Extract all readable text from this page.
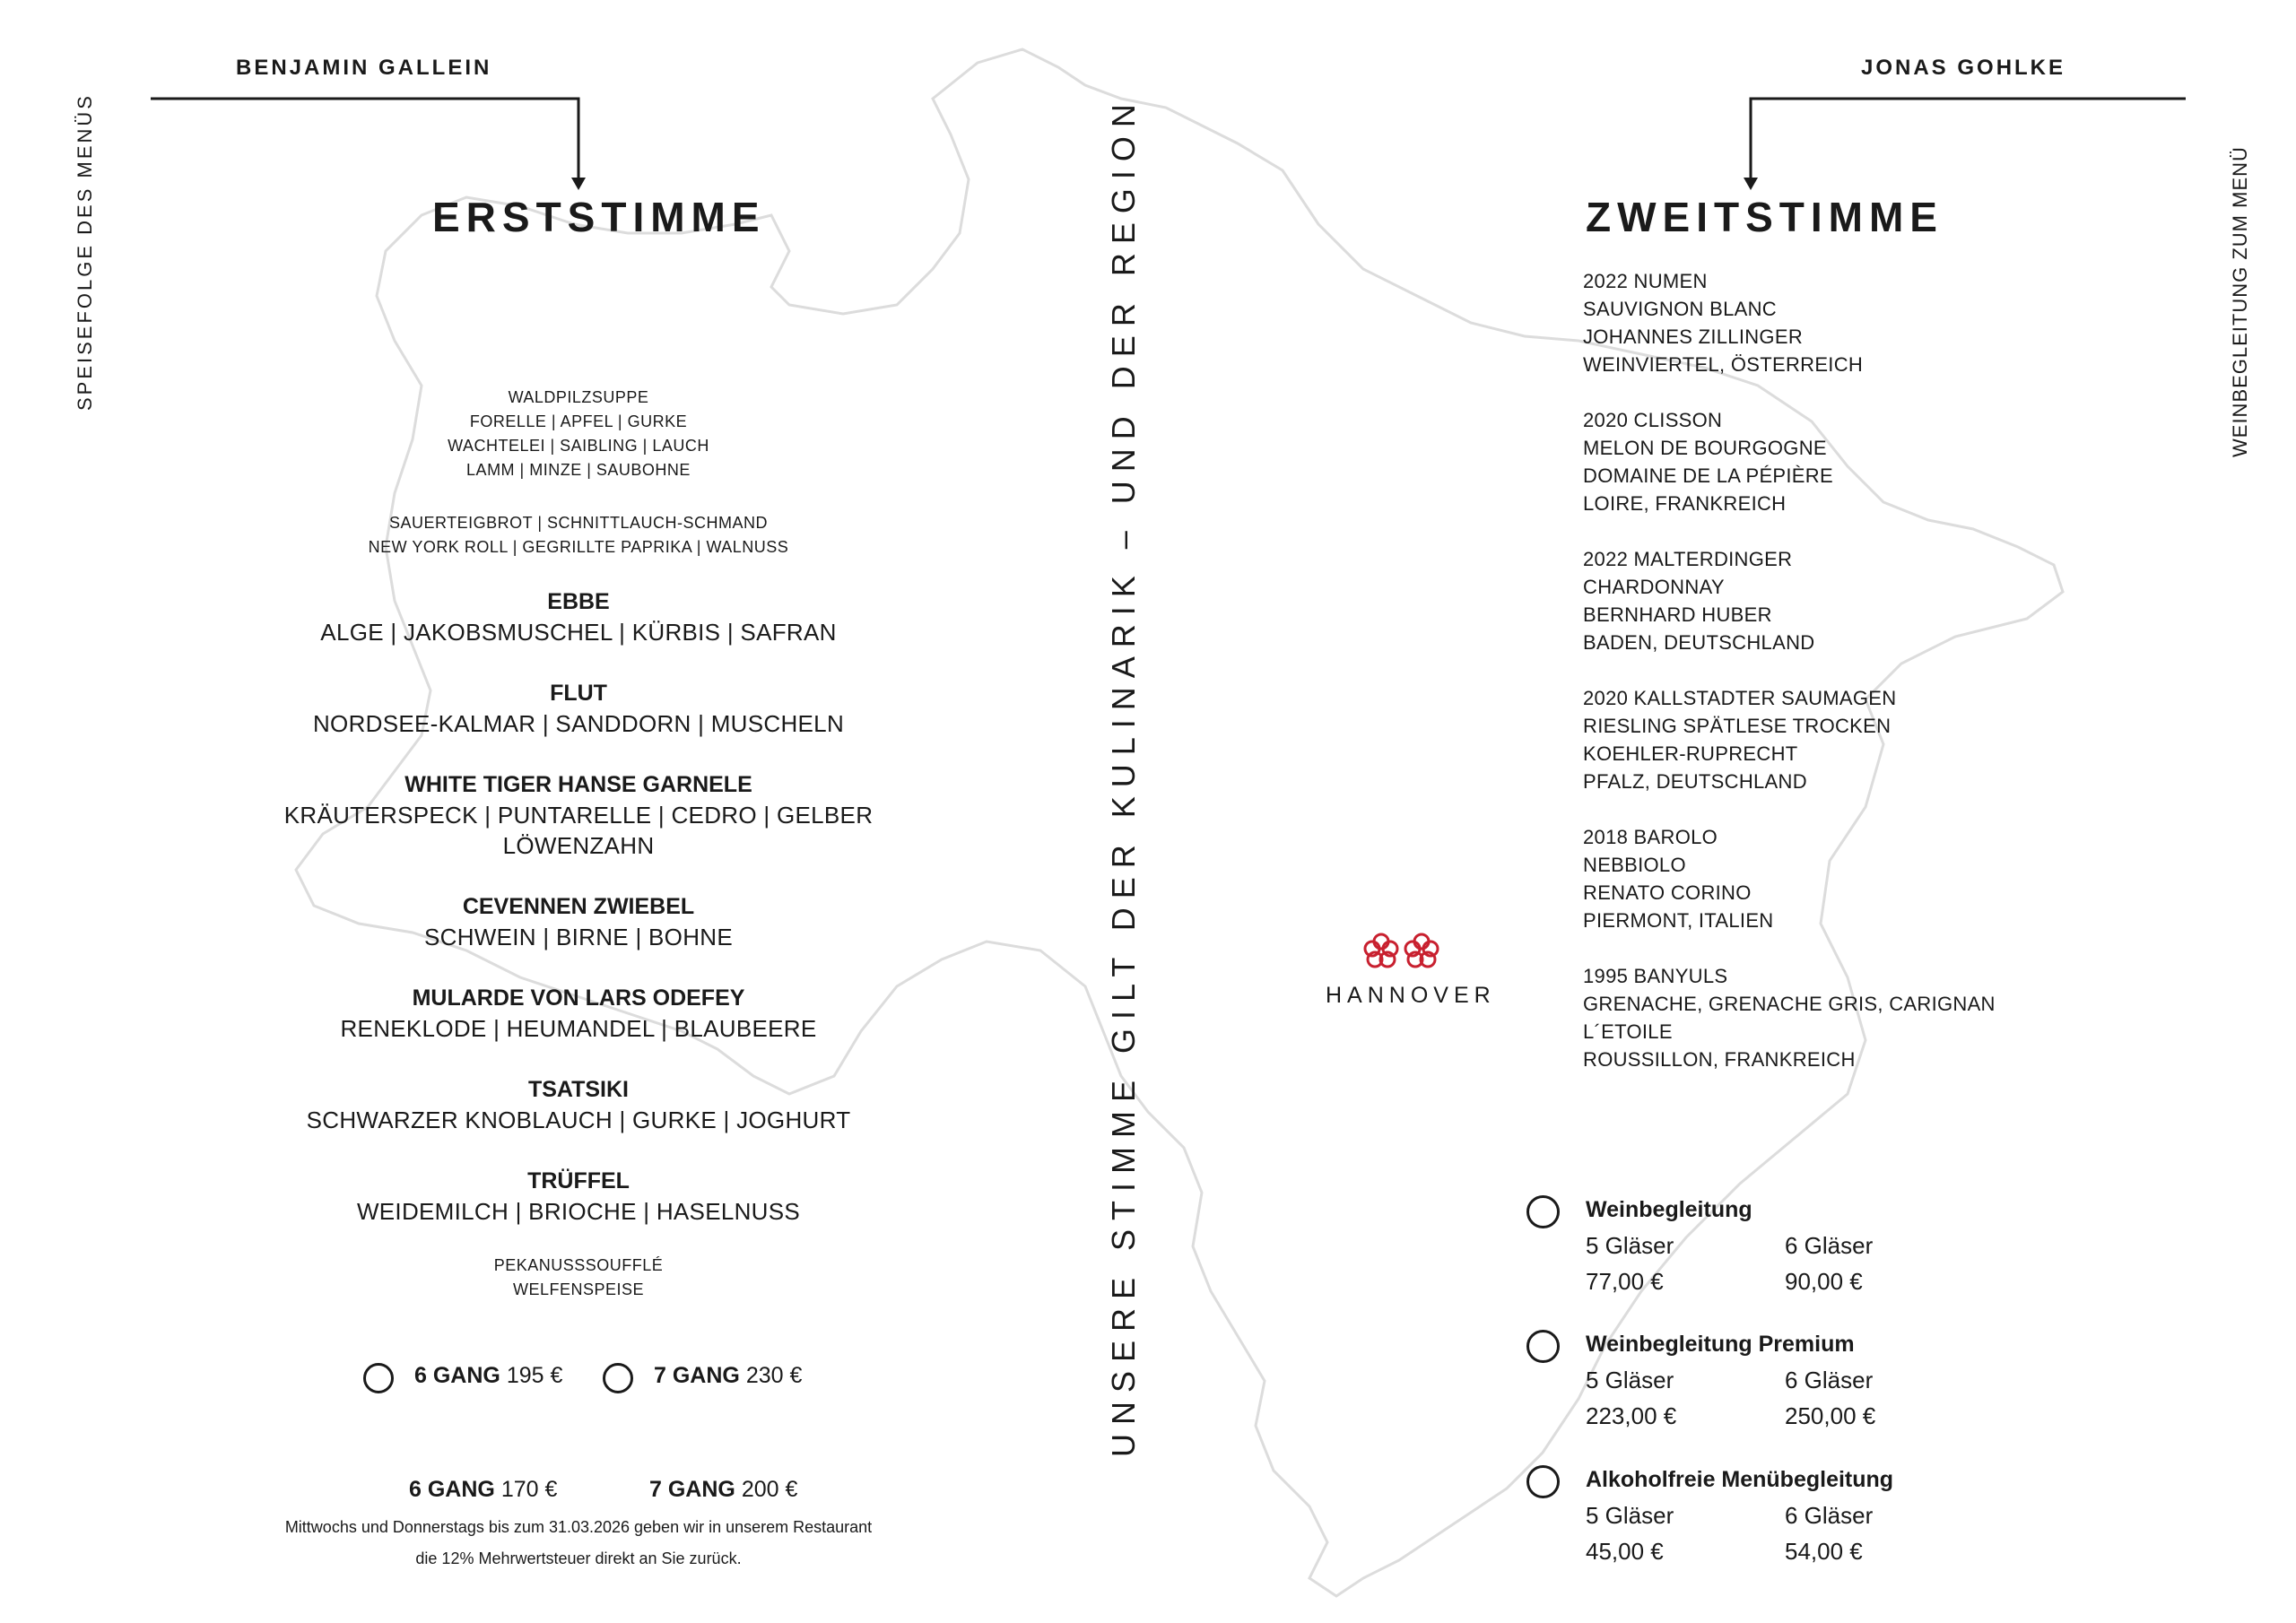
BENJAMIN GALLEIN	JONAS GOHLKE
SPEISEFOLGE DES MENÜS	WEINBEGLEITUNG ZUM MENÜ
ERSTSTIMME	ZWEITSTIMME
UNSERE STIMME GILT DER KULINARIK – UND DER REGION	HANNOVER
WALDPILZSUPPE
FORELLE | APFEL | GURKE
WACHTELEI | SAIBLING | LAUCH
LAMM | MINZE | SAUBOHNE
SAUERTEIGBROT | SCHNITTLAUCH-SCHMAND
NEW YORK ROLL | GEGRILLTE PAPRIKA | WALNUSS
EBBE
ALGE | JAKOBSMUSCHEL | KÜRBIS | SAFRAN
FLUT
NORDSEE-KALMAR | SANDDORN | MUSCHELN
WHITE TIGER HANSE GARNELE
KRÄUTERSPECK | PUNTARELLE | CEDRO | GELBER LÖWENZAHN
CEVENNEN ZWIEBEL
SCHWEIN | BIRNE | BOHNE
MULARDE VON LARS ODEFEY
RENEKLODE | HEUMANDEL | BLAUBEERE
TSATSIKI
SCHWARZER KNOBLAUCH | GURKE | JOGHURT
TRÜFFEL
WEIDEMILCH | BRIOCHE | HASELNUSS
PEKANUSSSOUFFLÉ
WELFENSPEISE
6 GANG 195 €	7 GANG 230 €
6 GANG 170 €	7 GANG 200 €
Mittwochs und Donnerstags bis zum 31.03.2026 geben wir in unserem Restaurant
die 12% Mehrwertsteuer direkt an Sie zurück.
2022 NUMEN
SAUVIGNON BLANC
JOHANNES ZILLINGER
WEINVIERTEL, ÖSTERREICH
2020 CLISSON
MELON DE BOURGOGNE
DOMAINE DE LA PÉPIÈRE
LOIRE, FRANKREICH
2022 MALTERDINGER
CHARDONNAY
BERNHARD HUBER
BADEN, DEUTSCHLAND
2020 KALLSTADTER SAUMAGEN
RIESLING SPÄTLESE TROCKEN
KOEHLER-RUPRECHT
PFALZ, DEUTSCHLAND
2018 BAROLO
NEBBIOLO
RENATO CORINO
PIERMONT, ITALIEN
1995 BANYULS
GRENACHE, GRENACHE GRIS, CARIGNAN
L´ETOILE
ROUSSILLON, FRANKREICH
Weinbegleitung
5 Gläser	6 Gläser
77,00 €	90,00 €
Weinbegleitung Premium
5 Gläser	6 Gläser
223,00 €	250,00 €
Alkoholfreie Menübegleitung
5 Gläser	6 Gläser
45,00 €	54,00 €
